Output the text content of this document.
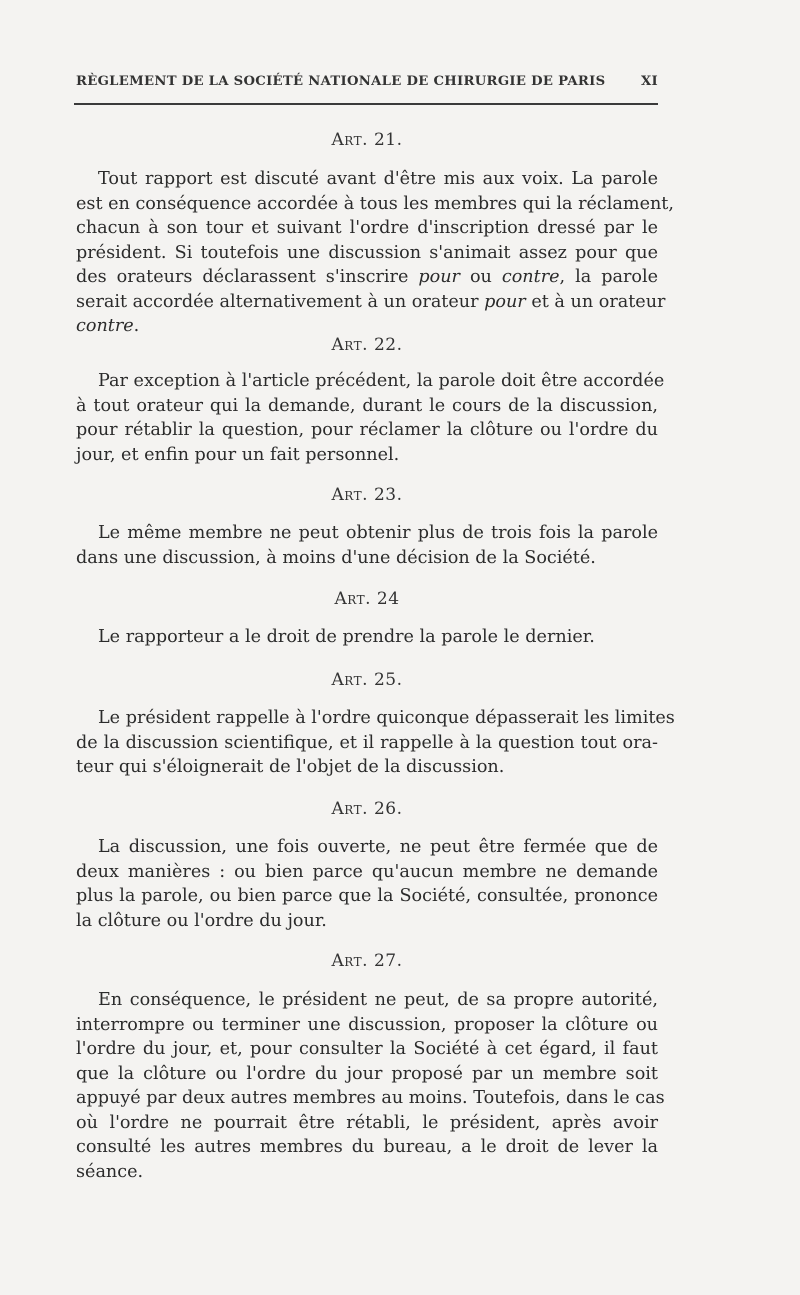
RÈGLEMENT DE LA SOCIÉTÉ NATIONALE DE CHIRURGIE DE PARIS	XI
Art. 21.
Tout rapport est discuté avant d'être mis aux voix. La parole
est en conséquence accordée à tous les membres qui la réclament,
chacun à son tour et suivant l'ordre d'inscription dressé par le
président. Si toutefois une discussion s'animait assez pour que
des orateurs déclarassent s'inscrire pour ou contre, la parole
serait accordée alternativement à un orateur pour et à un orateur
contre.
Art. 22.
Par exception à l'article précédent, la parole doit être accordée
à tout orateur qui la demande, durant le cours de la discussion,
pour rétablir la question, pour réclamer la clôture ou l'ordre du
jour, et enfin pour un fait personnel.
Art. 23.
Le même membre ne peut obtenir plus de trois fois la parole
dans une discussion, à moins d'une décision de la Société.
Art. 24
Le rapporteur a le droit de prendre la parole le dernier.
Art. 25.
Le président rappelle à l'ordre quiconque dépasserait les limites
de la discussion scientifique, et il rappelle à la question tout ora-
teur qui s'éloignerait de l'objet de la discussion.
Art. 26.
La discussion, une fois ouverte, ne peut être fermée que de
deux manières : ou bien parce qu'aucun membre ne demande
plus la parole, ou bien parce que la Société, consultée, prononce
la clôture ou l'ordre du jour.
Art. 27.
En conséquence, le président ne peut, de sa propre autorité,
interrompre ou terminer une discussion, proposer la clôture ou
l'ordre du jour, et, pour consulter la Société à cet égard, il faut
que la clôture ou l'ordre du jour proposé par un membre soit
appuyé par deux autres membres au moins. Toutefois, dans le cas
où l'ordre ne pourrait être rétabli, le président, après avoir
consulté les autres membres du bureau, a le droit de lever la
séance.
